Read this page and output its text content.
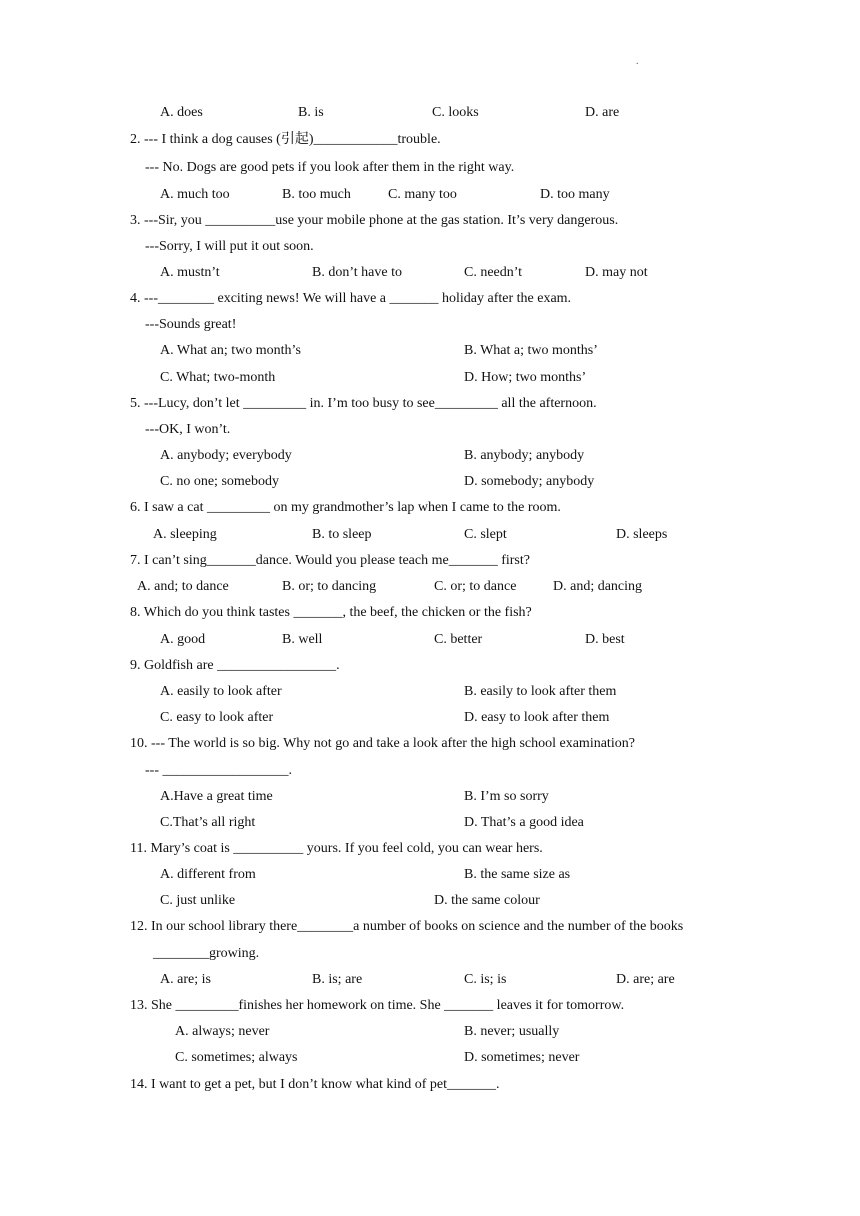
.
A. does	B. is	C. looks	D. are
2. --- I think a dog causes (引起)____________trouble.
--- No. Dogs are good pets if you look after them in the right way.
A. much too	B. too much	C. many too	D. too many
3. ---Sir, you __________use your mobile phone at the gas station. It’s very dangerous.
---Sorry, I will put it out soon.
A. mustn’t	B. don’t have to	C. needn’t	D. may not
4. ---________ exciting news! We will have a _______ holiday after the exam.
---Sounds great!
A. What an; two month’s	B. What a; two months’
C. What; two-month	D. How; two months’
5. ---Lucy, don’t let _________ in. I’m too busy to see_________ all the afternoon.
---OK, I won’t.
A. anybody; everybody	B. anybody; anybody
C. no one; somebody	D. somebody; anybody
6. I saw a cat _________ on my grandmother’s lap when I came to the room.
A. sleeping	B. to sleep	C. slept	D. sleeps
7. I can’t sing_______dance. Would you please teach me_______ first?
A. and; to dance	B. or; to dancing	C. or; to dance	D. and; dancing
8. Which do you think tastes _______, the beef, the chicken or the fish?
A. good	B. well	C. better	D. best
9. Goldfish are _________________.
A. easily to look after	B. easily to look after them
C. easy to look after	D. easy to look after them
10. --- The world is so big. Why not go and take a look after the high school examination?
--- __________________.
A.Have a great time	B. I’m so sorry
C.That’s all right	D. That’s a good idea
11. Mary’s coat is __________ yours. If you feel cold, you can wear hers.
A. different from	B. the same size as
C. just unlike	D. the same colour
12. In our school library there________a number of books on science and the number of the books
________growing.
A. are; is	B. is; are	C. is; is	D. are; are
13. She _________finishes her homework on time. She _______ leaves it for tomorrow.
A. always; never	B. never; usually
C. sometimes; always	D. sometimes; never
14. I want to get a pet, but I don’t know what kind of pet_______.
